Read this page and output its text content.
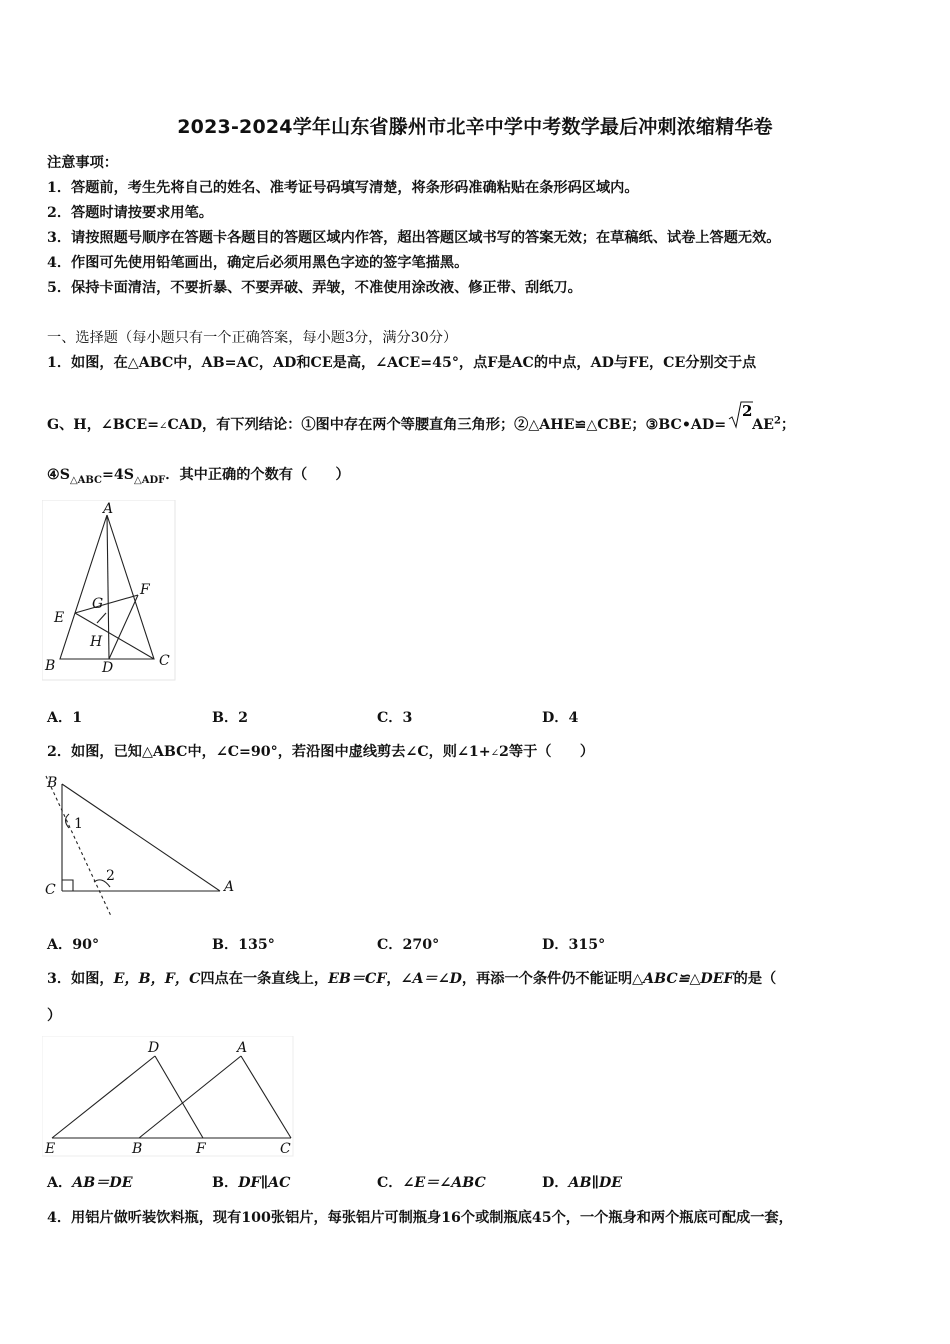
2023-2024学年山东省滕州市北辛中学中考数学最后冲刺浓缩精华卷
注意事项：
1．答题前，考生先将自己的姓名、准考证号码填写清楚，将条形码准确粘贴在条形码区域内。
2．答题时请按要求用笔。
3．请按照题号顺序在答题卡各题目的答题区域内作答，超出答题区域书写的答案无效；在草稿纸、试卷上答题无效。
4．作图可先使用铅笔画出，确定后必须用黑色字迹的签字笔描黑。
5．保持卡面清洁，不要折暴、不要弄破、弄皱，不准使用涂改液、修正带、刮纸刀。
一、选择题（每小题只有一个正确答案，每小题3分，满分30分）
1．如图，在△ABC中，AB=AC，AD和CE是高，∠ACE=45°，点F是AC的中点，AD与FE，CE分别交于点
G、H，∠BCE=∠CAD，有下列结论：①图中存在两个等腰直角三角形；②△AHE≌△CBE；③BC•AD=
2
$AE^2$；
$④S_{\triangle ABC}=4S_{\triangle ADF}$．其中正确的个数有（　　）
A
B	C
D
E
F
G
H
A．1	B．2	C．3	D．4
2．如图，已知△ABC中，∠C=90°，若沿图中虚线剪去∠C，则∠1+∠2等于（　　）
B
C	A
1
2
A．90°	B．135°	C．270°	D．315°
3．如图，E，B，F，C四点在一条直线上，EB＝CF，∠A＝∠D，再添一个条件仍不能证明△ABC≌△DEF的是（
）
D	A
E	B	F	C
A．AB＝DE	B．DF∥AC	C．∠E＝∠ABC	D．AB∥DE
4．用铝片做听装饮料瓶，现有100张铝片，每张铝片可制瓶身16个或制瓶底45个，一个瓶身和两个瓶底可配成一套，
